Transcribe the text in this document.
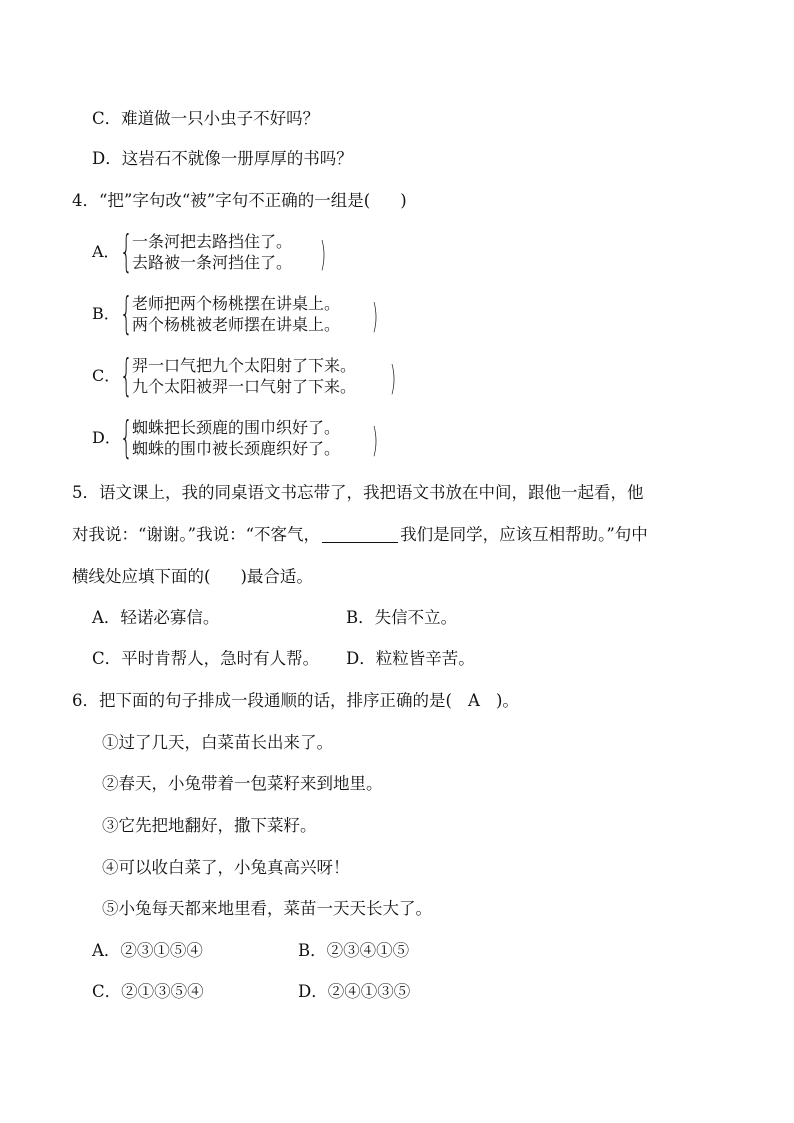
C．难道做一只小虫子不好吗？
D．这岩石不就像一册厚厚的书吗？
4．“把”字句改“被”字句不正确的一组是( )
A． { 一条河把去路挡住了。
去路被一条河挡住了。 )
B． { 老师把两个杨桃摆在讲桌上。
两个杨桃被老师摆在讲桌上。 )
C． { 羿一口气把九个太阳射了下来。
九个太阳被羿一口气射了下来。 )
D． { 蜘蛛把长颈鹿的围巾织好了。
蜘蛛的围巾被长颈鹿织好了。 )
5．语文课上，我的同桌语文书忘带了，我把语文书放在中间，跟他一起看，他
对我说：“谢谢。”我说：“不客气，	我们是同学，应该互相帮助。”句中
横线处应填下面的( )最合适。
A．轻诺必寡信。	B．失信不立。
C．平时肯帮人，急时有人帮。 D．粒粒皆辛苦。
6．把下面的句子排成一段通顺的话，排序正确的是( A )。
①过了几天，白菜苗长出来了。
②春天，小兔带着一包菜籽来到地里。
③它先把地翻好，撒下菜籽。
④可以收白菜了，小兔真高兴呀！
⑤小兔每天都来地里看，菜苗一天天长大了。
A．②③①⑤④	B．②③④①⑤
C．②①③⑤④	D．②④①③⑤
